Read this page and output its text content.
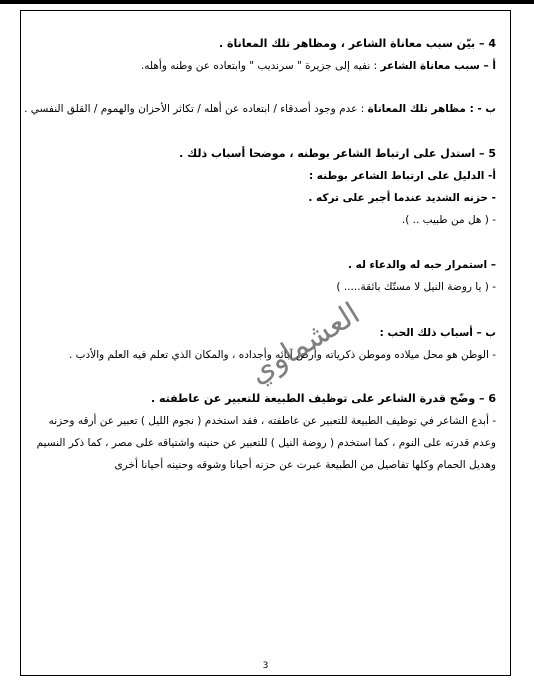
4 – بيّن سبب معاناة الشاعر ، ومظاهر تلك المعاناة .
أ – سبب معاناة الشاعر : نفيه إلى جزيرة " سرنديب " وابتعاده عن وطنه وأهله.
ب - : مظاهر تلك المعاناة : عدم وجود أصدقاء / ابتعاده عن أهله / تكاثر الأحزان والهموم / القلق النفسي .
5 – استدل على ارتباط الشاعر بوطنه ، موضحا أسباب ذلك .
أ- الدليل على ارتباط الشاعر بوطنه :
- حزنه الشديد عندما أجبر على تركه .
- ( هل من طبيب .. ).
– استمرار حبه له والدعاء له .
- ( يا روضة النيل لا مستّك بائقة..... )
ب – أسباب ذلك الحب :
- الوطن هو محل ميلاده وموطن ذكرياته وأرض آبائه وأجداده ، والمكان الذي تعلم فيه العلم والأدب .
6 – وضّح قدرة الشاعر على توظيف الطبيعة للتعبير عن عاطفته .
- أبدع الشاعر في توظيف الطبيعة للتعبير عن عاطفته ، فقد استخدم ( نجوم الليل ) تعبير عن أرقه وحزنه
وعدم قدرته على النوم ، كما استخدم ( روضة النيل ) للتعبير عن حنينه واشتياقه على مصر ، كما ذكر النسيم
وهديل الحمام وكلها تفاصيل من الطبيعة عبرت عن حزنه أحيانا وشوقه وحنينه أحيانا أخرى
العشماوي
3
